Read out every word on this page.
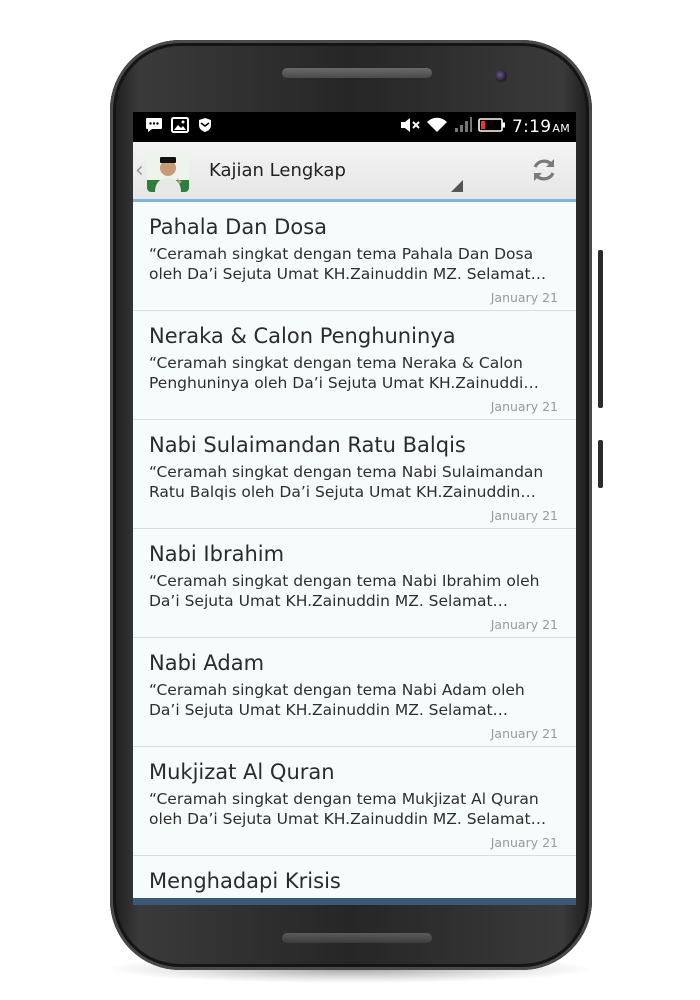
7:19AM
‹	Kajian Lengkap
Pahala Dan Dosa
“Ceramah singkat dengan tema Pahala Dan Dosa oleh Da’i Sejuta Umat KH.Zainuddin MZ. Selamat…
January 21
Neraka & Calon Penghuninya
“Ceramah singkat dengan tema Neraka & Calon Penghuninya oleh Da’i Sejuta Umat KH.Zainuddi…
January 21
Nabi Sulaimandan Ratu Balqis
“Ceramah singkat dengan tema Nabi Sulaimandan Ratu Balqis oleh Da’i Sejuta Umat KH.Zainuddin…
January 21
Nabi Ibrahim
“Ceramah singkat dengan tema Nabi Ibrahim oleh Da’i Sejuta Umat KH.Zainuddin MZ. Selamat…
January 21
Nabi Adam
“Ceramah singkat dengan tema Nabi Adam oleh Da’i Sejuta Umat KH.Zainuddin MZ. Selamat…
January 21
Mukjizat Al Quran
“Ceramah singkat dengan tema Mukjizat Al Quran oleh Da’i Sejuta Umat KH.Zainuddin MZ. Selamat…
January 21
Menghadapi Krisis
